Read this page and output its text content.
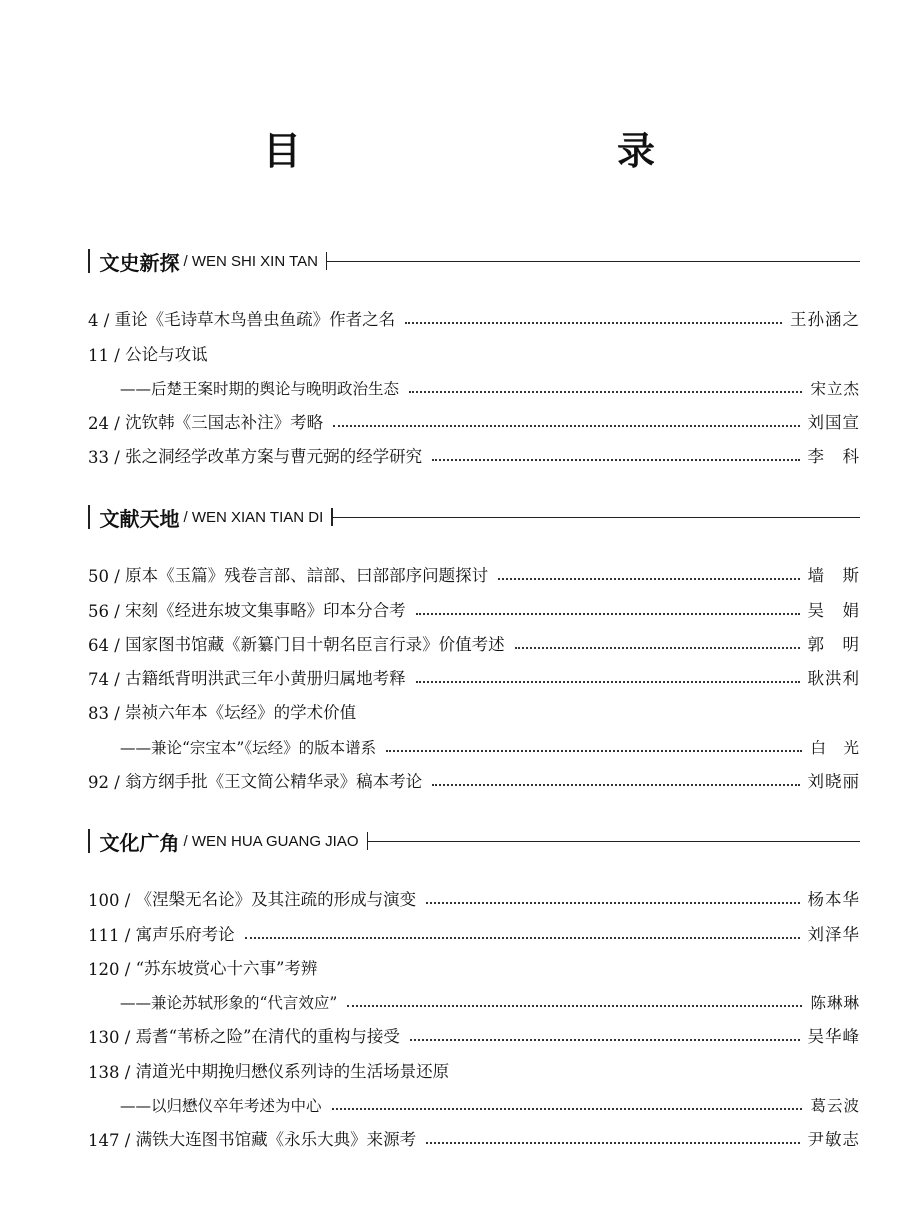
目　　录
文史新探 / WEN SHI XIN TAN
4 / 重论《毛诗草木鸟兽虫鱼疏》作者之名	王孙涵之
11 / 公论与攻诋
——后楚王案时期的舆论与晚明政治生态	宋立杰
24 / 沈钦韩《三国志补注》考略	刘国宣
33 / 张之洞经学改革方案与曹元弼的经学研究	李　科
文献天地 / WEN XIAN TIAN DI
50 / 原本《玉篇》残卷言部、誩部、曰部部序问题探讨	墙　斯
56 / 宋刻《经进东坡文集事略》印本分合考	吴　娟
64 / 国家图书馆藏《新纂门目十朝名臣言行录》价值考述	郭　明
74 / 古籍纸背明洪武三年小黄册归属地考释	耿洪利
83 / 崇祯六年本《坛经》的学术价值
——兼论“宗宝本”《坛经》的版本谱系	白　光
92 / 翁方纲手批《王文简公精华录》稿本考论	刘晓丽
文化广角 / WEN HUA GUANG JIAO
100 / 《涅槃无名论》及其注疏的形成与演变	杨本华
111 / 寓声乐府考论	刘泽华
120 / “苏东坡赏心十六事”考辨
——兼论苏轼形象的“代言效应”	陈琳琳
130 / 焉耆“苇桥之险”在清代的重构与接受	吴华峰
138 / 清道光中期挽归懋仪系列诗的生活场景还原
——以归懋仪卒年考述为中心	葛云波
147 / 满铁大连图书馆藏《永乐大典》来源考	尹敏志
